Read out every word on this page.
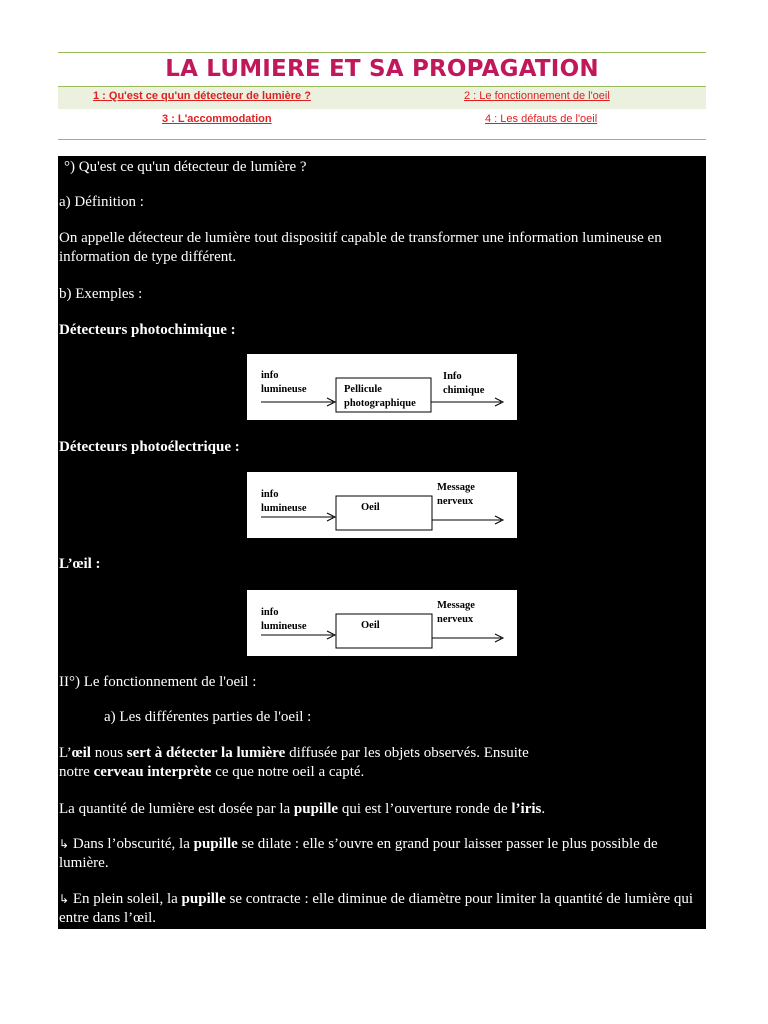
LA LUMIERE ET SA PROPAGATION
1 : Qu'est ce qu'un détecteur de lumière ?	2 : Le fonctionnement de l'oeil
3 : L'accommodation	4 : Les défauts de l'oeil

°) Qu'est ce qu'un détecteur de lumière ?

a) Définition :

On appelle détecteur de lumière tout dispositif capable de transformer une information lumineuse en information de type différent.

b) Exemples :

Détecteurs photochimique :

info
lumineuse	Pellicule
photographique
Info
chimique

Détecteurs photoélectrique :

info
lumineuse	Oeil
Message
nerveux

L’œil :

info
lumineuse	Oeil
Message
nerveux

II°) Le fonctionnement de l'oeil :

a) Les différentes parties de l'oeil :

L’œil nous sert à détecter la lumière diffusée par les objets observés. Ensuite
notre cerveau interprète ce que notre oeil a capté.

La quantité de lumière est dosée par la pupille qui est l’ouverture ronde de l’iris.

↳ Dans l’obscurité, la pupille se dilate : elle s’ouvre en grand pour laisser passer le plus possible de lumière.

↳ En plein soleil, la pupille se contracte : elle diminue de diamètre pour limiter la quantité de lumière qui entre dans l’œil.
